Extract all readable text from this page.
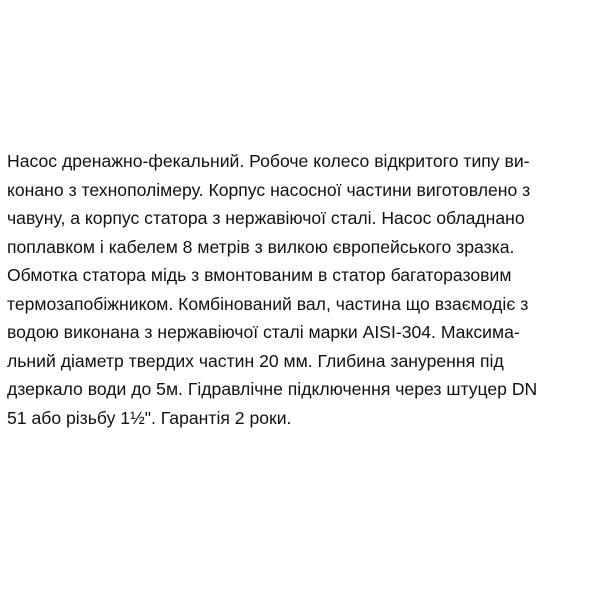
Насос дренажно-фекальний. Робоче колесо відкритого типу ви-
конано з технополімеру. Корпус насосної частини виготовлено з
чавуну, а корпус статора з нержавіючої сталі. Насос обладнано
поплавком і кабелем 8 метрів з вилкою європейського зразка.
Обмотка статора мідь з вмонтованим в статор багаторазовим
термозапобіжником. Комбінований вал, частина що взаємодіє з
водою виконана з нержавіючої сталі марки AISI-304. Максима-
льний діаметр твердих частин 20 мм. Глибина занурення під
дзеркало води до 5м. Гідравлічне підключення через штуцер DN
51 або різьбу 1½". Гарантія 2 роки.
